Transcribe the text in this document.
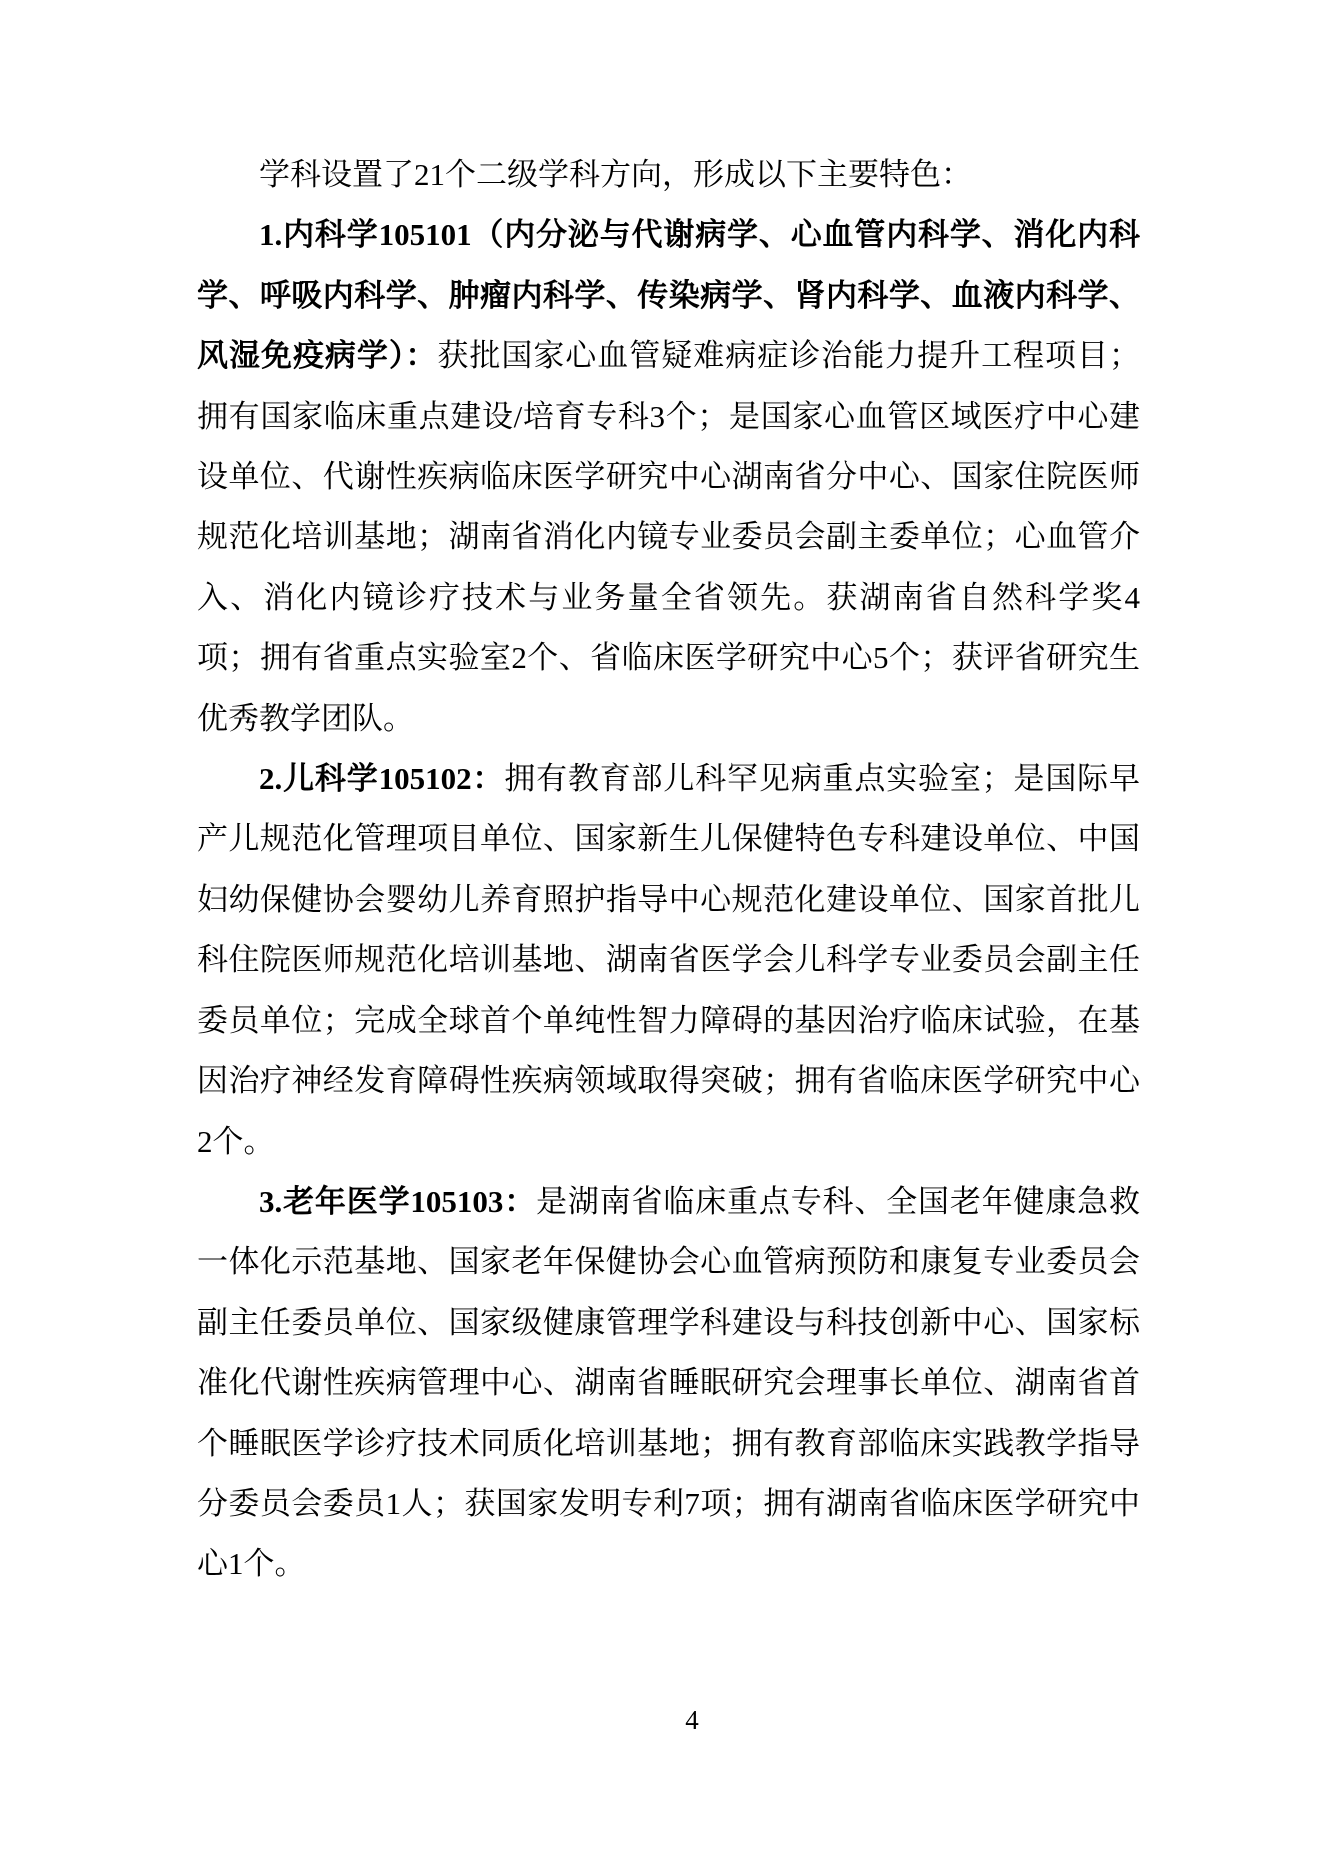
学科设置了21个二级学科方向，形成以下主要特色：

1.内科学105101（内分泌与代谢病学、心血管内科学、消化内科学、呼吸内科学、肿瘤内科学、传染病学、肾内科学、血液内科学、风湿免疫病学）：获批国家心血管疑难病症诊治能力提升工程项目；拥有国家临床重点建设/培育专科3个；是国家心血管区域医疗中心建设单位、代谢性疾病临床医学研究中心湖南省分中心、国家住院医师规范化培训基地；湖南省消化内镜专业委员会副主委单位；心血管介入、消化内镜诊疗技术与业务量全省领先。获湖南省自然科学奖4项；拥有省重点实验室2个、省临床医学研究中心5个；获评省研究生优秀教学团队。

2.儿科学105102：拥有教育部儿科罕见病重点实验室；是国际早产儿规范化管理项目单位、国家新生儿保健特色专科建设单位、中国妇幼保健协会婴幼儿养育照护指导中心规范化建设单位、国家首批儿科住院医师规范化培训基地、湖南省医学会儿科学专业委员会副主任委员单位；完成全球首个单纯性智力障碍的基因治疗临床试验，在基因治疗神经发育障碍性疾病领域取得突破；拥有省临床医学研究中心2个。

3.老年医学105103：是湖南省临床重点专科、全国老年健康急救一体化示范基地、国家老年保健协会心血管病预防和康复专业委员会副主任委员单位、国家级健康管理学科建设与科技创新中心、国家标准化代谢性疾病管理中心、湖南省睡眠研究会理事长单位、湖南省首个睡眠医学诊疗技术同质化培训基地；拥有教育部临床实践教学指导分委员会委员1人；获国家发明专利7项；拥有湖南省临床医学研究中心1个。

4
